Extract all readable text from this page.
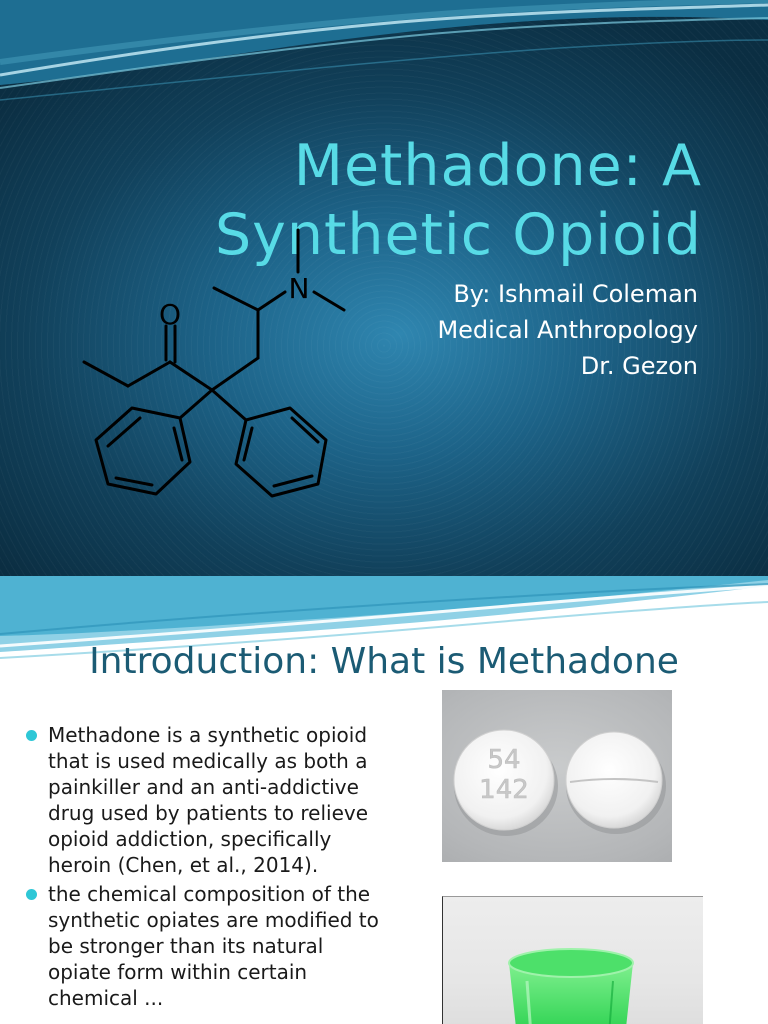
Methadone: A
Synthetic Opioid
O
N	By: Ishmail Coleman
Medical Anthropology
Dr. Gezon
Introduction: What is Methadone
Methadone is a synthetic opioid that is used medically as both a painkiller and an anti-addictive drug used by patients to relieve opioid addiction, specifically heroin (Chen, et al., 2014).
the chemical composition of the synthetic opiates are modified to be stronger than its natural opiate form within certain chemical ...
54
142
